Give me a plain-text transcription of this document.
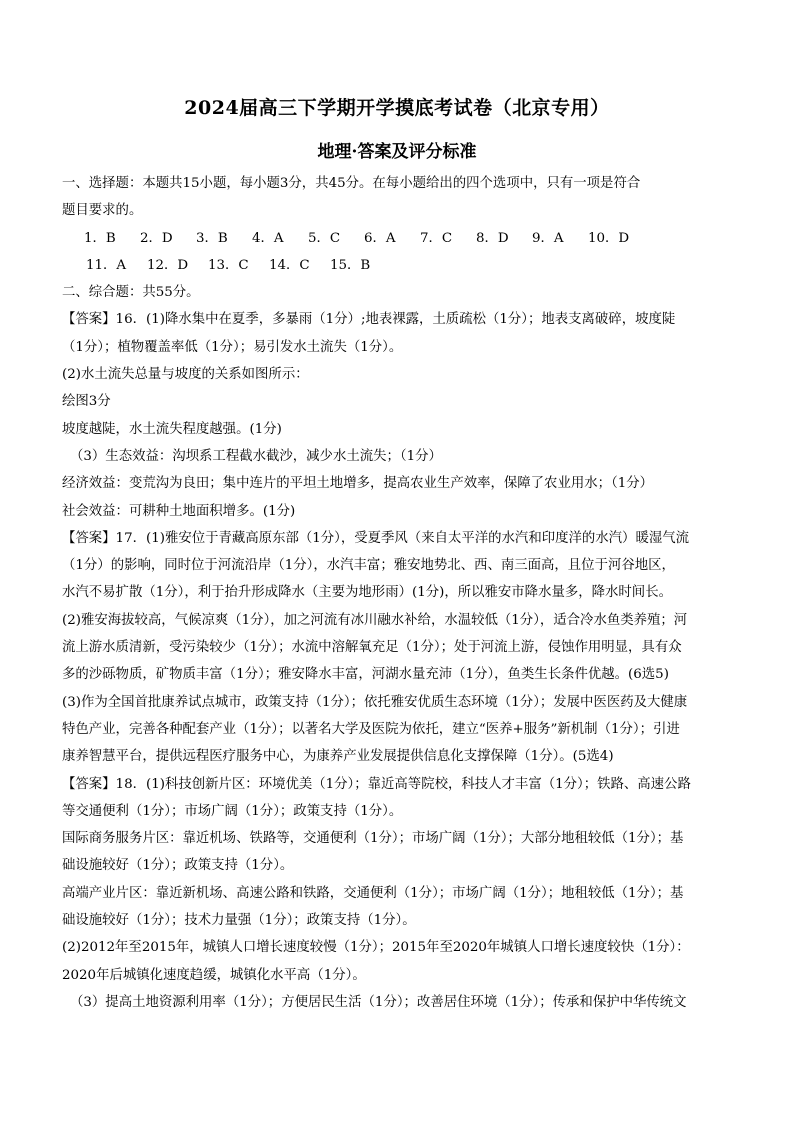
2024届高三下学期开学摸底考试卷（北京专用）
地理·答案及评分标准
一、选择题：本题共15小题，每小题3分，共45分。在每小题给出的四个选项中，只有一项是符合
题目要求的。
1．B	2．D	3．B	4．A	5．C	6．A	7．C	8．D	9．A	10．D
11．A	12．D	13．C	14．C	15．B
二、综合题：共55分。
【答案】16．(1)降水集中在夏季，多暴雨（1分）;地表裸露，土质疏松（1分）；地表支离破碎，坡度陡
（1分）；植物覆盖率低（1分）；易引发水土流失（1分）。
(2)水土流失总量与坡度的关系如图所示：
绘图3分
坡度越陡，水土流失程度越强。(1分)
（3）生态效益：沟坝系工程截水截沙，减少水土流失；（1分）
经济效益：变荒沟为良田；集中连片的平坦土地增多，提高农业生产效率，保障了农业用水；（1分）
社会效益：可耕种土地面积增多。(1分)
【答案】17．(1)雅安位于青藏高原东部（1分），受夏季风（来自太平洋的水汽和印度洋的水汽）暖湿气流
（1分）的影响，同时位于河流沿岸（1分），水汽丰富；雅安地势北、西、南三面高，且位于河谷地区，
水汽不易扩散（1分），利于抬升形成降水（主要为地形雨）(1分)，所以雅安市降水量多，降水时间长。
(2)雅安海拔较高，气候凉爽（1分），加之河流有冰川融水补给，水温较低（1分），适合冷水鱼类养殖；河
流上游水质清新，受污染较少（1分）；水流中溶解氧充足（1分）；处于河流上游，侵蚀作用明显，具有众
多的沙砾物质，矿物质丰富（1分）；雅安降水丰富，河湖水量充沛（1分），鱼类生长条件优越。(6选5)
(3)作为全国首批康养试点城市，政策支持（1分）；依托雅安优质生态环境（1分）；发展中医医药及大健康
特色产业，完善各种配套产业（1分）；以著名大学及医院为依托，建立“医养+服务”新机制（1分）；引进
康养智慧平台，提供远程医疗服务中心，为康养产业发展提供信息化支撑保障（1分）。(5选4)
【答案】18．(1)科技创新片区：环境优美（1分）；靠近高等院校，科技人才丰富（1分）；铁路、高速公路
等交通便利（1分）；市场广阔（1分）；政策支持（1分）。
国际商务服务片区：靠近机场、铁路等，交通便利（1分）；市场广阔（1分）；大部分地租较低（1分）；基
础设施较好（1分）；政策支持（1分）。
高端产业片区：靠近新机场、高速公路和铁路，交通便利（1分）；市场广阔（1分）；地租较低（1分）；基
础设施较好（1分）；技术力量强（1分）；政策支持（1分）。
(2)2012年至2015年，城镇人口增长速度较慢（1分）；2015年至2020年城镇人口增长速度较快（1分）：
2020年后城镇化速度趋缓，城镇化水平高（1分）。
（3）提高土地资源利用率（1分）；方便居民生活（1分）；改善居住环境（1分）；传承和保护中华传统文
